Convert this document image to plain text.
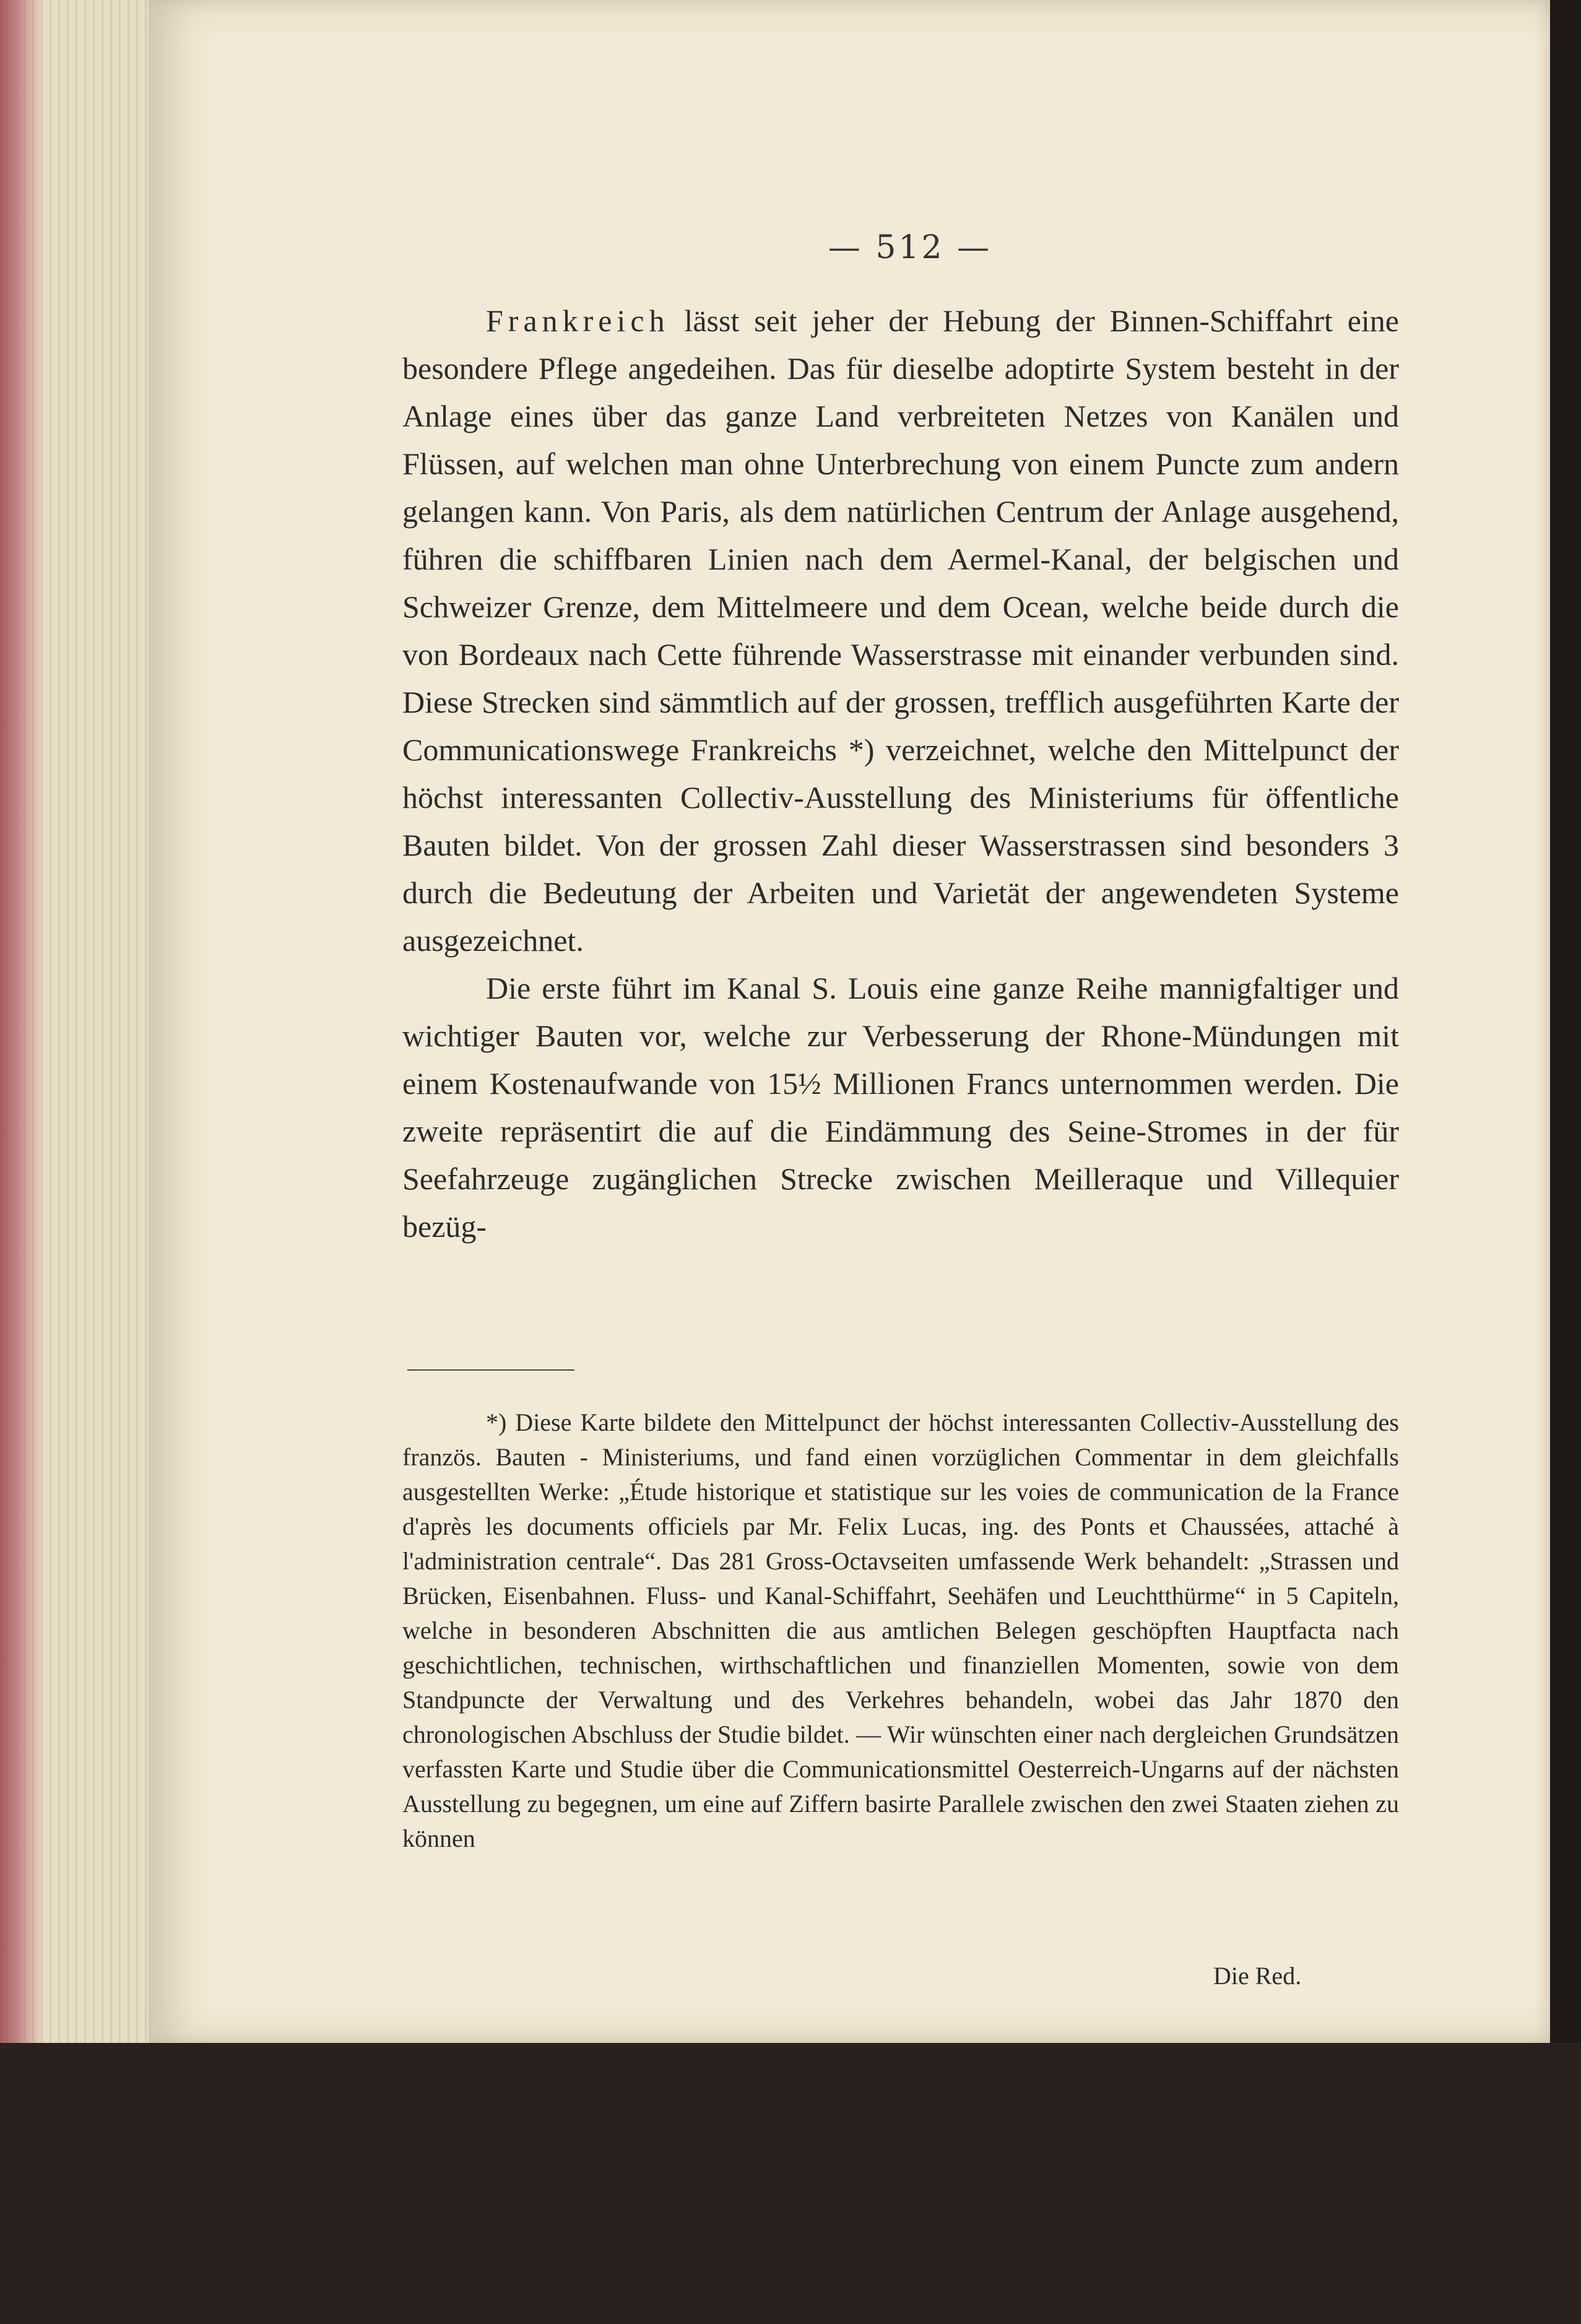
— 512 —

Frankreich lässt seit jeher der Hebung der Binnen-Schiffahrt eine besondere Pflege angedeihen. Das für dieselbe adoptirte System besteht in der Anlage eines über das ganze Land verbreiteten Netzes von Kanälen und Flüssen, auf welchen man ohne Unterbrechung von einem Puncte zum andern gelangen kann. Von Paris, als dem natürlichen Centrum der Anlage ausgehend, führen die schiffbaren Linien nach dem Aermel-Kanal, der belgischen und Schweizer Grenze, dem Mittelmeere und dem Ocean, welche beide durch die von Bordeaux nach Cette führende Wasserstrasse mit einander verbunden sind. Diese Strecken sind sämmtlich auf der grossen, trefflich ausgeführten Karte der Communicationswege Frankreichs *) verzeichnet, welche den Mittelpunct der höchst interessanten Collectiv-Ausstellung des Ministeriums für öffentliche Bauten bildet. Von der grossen Zahl dieser Wasserstrassen sind besonders 3 durch die Bedeutung der Arbeiten und Varietät der angewendeten Systeme ausgezeichnet.

Die erste führt im Kanal S. Louis eine ganze Reihe mannigfaltiger und wichtiger Bauten vor, welche zur Verbesserung der Rhone-Mündungen mit einem Kostenaufwande von 15½ Millionen Francs unternommen werden. Die zweite repräsentirt die auf die Eindämmung des Seine-Stromes in der für Seefahrzeuge zugänglichen Strecke zwischen Meilleraque und Villequier bezüg-

*) Diese Karte bildete den Mittelpunct der höchst interessanten Collectiv-Ausstellung des französ. Bauten - Ministeriums, und fand einen vorzüglichen Commentar in dem gleichfalls ausgestellten Werke: „Étude historique et statistique sur les voies de communication de la France d'après les documents officiels par Mr. Felix Lucas, ing. des Ponts et Chaussées, attaché à l'administration centrale“. Das 281 Gross-Octavseiten umfassende Werk behandelt: „Strassen und Brücken, Eisenbahnen. Fluss- und Kanal-Schiffahrt, Seehäfen und Leuchtthürme“ in 5 Capiteln, welche in besonderen Abschnitten die aus amtlichen Belegen geschöpften Hauptfacta nach geschichtlichen, technischen, wirthschaftlichen und finanziellen Momenten, sowie von dem Standpuncte der Verwaltung und des Verkehres behandeln, wobei das Jahr 1870 den chronologischen Abschluss der Studie bildet. — Wir wünschten einer nach dergleichen Grundsätzen verfassten Karte und Studie über die Communicationsmittel Oesterreich-Ungarns auf der nächsten Ausstellung zu begegnen, um eine auf Ziffern basirte Parallele zwischen den zwei Staaten ziehen zu können

Die Red.
